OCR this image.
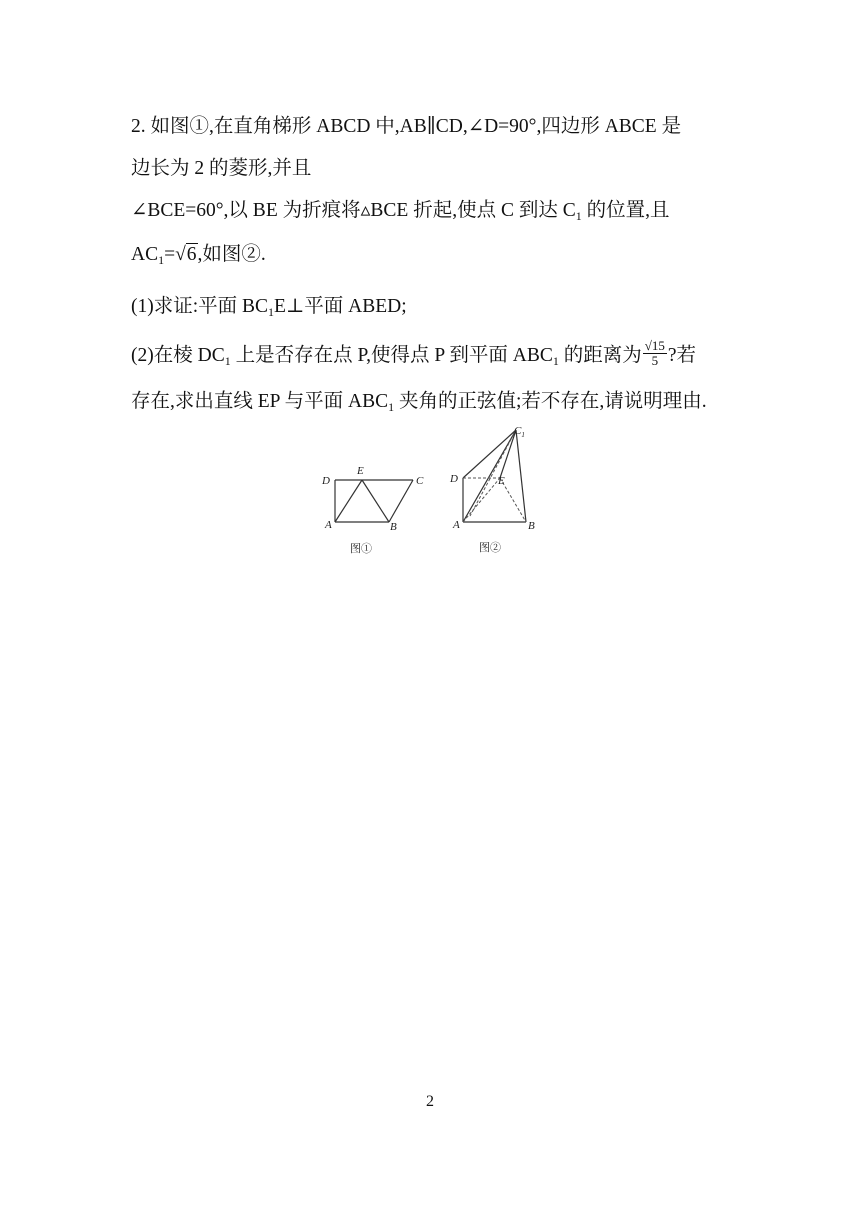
2. 如图①,在直角梯形 ABCD 中,AB∥CD,∠D=90°,四边形 ABCE 是
边长为 2 的菱形,并且
∠BCE=60°,以 BE 为折痕将▵BCE 折起,使点 C 到达 $C_1$ 的位置,且
$AC_1=√6$,如图②.
(1)求证:平面 $BC_1E\perp$平面 ABED;
(2)在棱 $DC_1$ 上是否存在点 P,使得点 P 到平面 $ABC_1$ 的距离为 $\frac{√15}{5}$ ?若
存在,求出直线 EP 与平面 $ABC_1$ 夹角的正弦值;若不存在,请说明理由.
D
E
C
A	B
图①
$C_1$
D	E
A	B
图②
2
